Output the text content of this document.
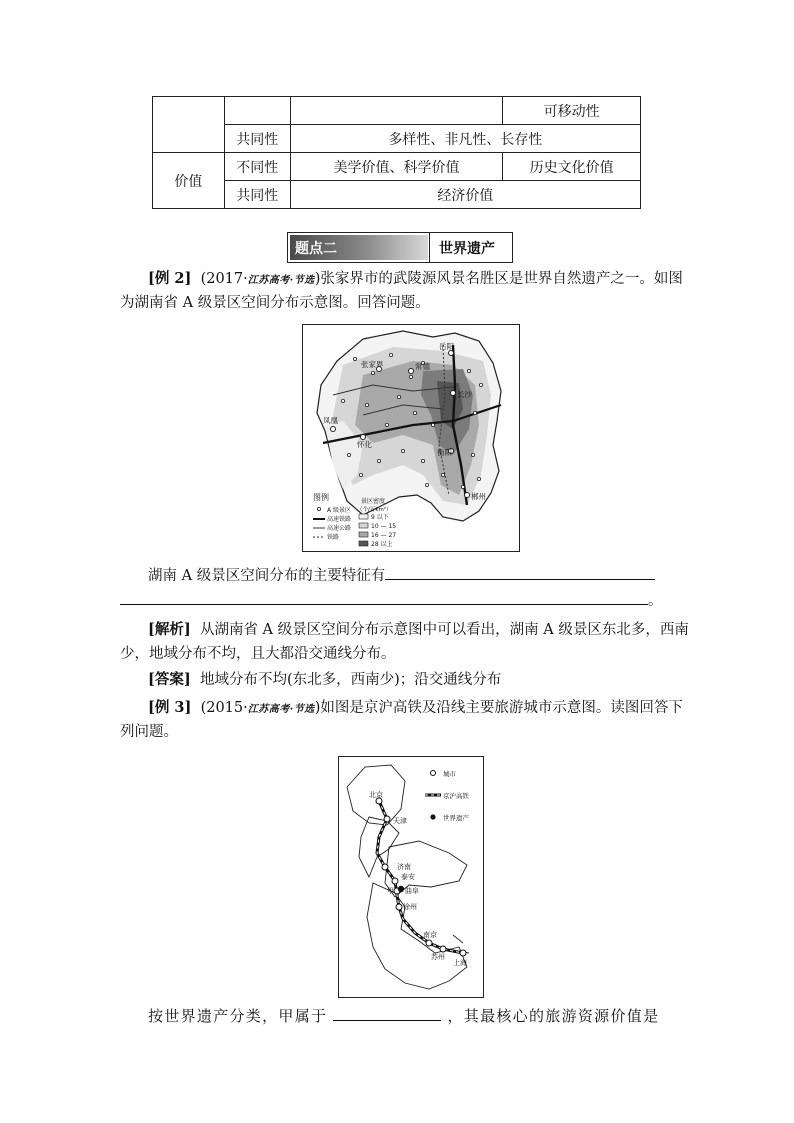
			可移动性
	共同性	多样性、非凡性、长存性	
价值	不同性	美学价值、科学价值	历史文化价值
	共同性	经济价值	
题点二	世界遗产
[例 2] (2017·江苏高考·节选)张家界市的武陵源风景名胜区是世界自然遗产之一。如图
为湖南省 A 级景区空间分布示意图。回答问题。
岳阳
张家界	常德
长沙
凤凰
怀化
衡阳
郴州
图例
A 级景区
高速铁路
高速公路
铁路
景区密度
（个/万km²）
9 以下
10 — 15
16 — 27
28 以上
湖南 A 级景区空间分布的主要特征有
。
[解析] 从湖南省 A 级景区空间分布示意图中可以看出，湖南 A 级景区东北多，西南
少，地域分布不均，且大都沿交通线分布。
[答案] 地域分布不均(东北多，西南少)；沿交通线分布
[例 3] (2015·江苏高考·节选)如图是京沪高铁及沿线主要旅游城市示意图。读图回答下
列问题。
北京
天津
济南
泰安
曲阜
徐州
南京
苏州
上海
甲
城市
京沪高铁
世界遗产
按世界遗产分类，甲属于	，其最核心的旅游资源价值是
